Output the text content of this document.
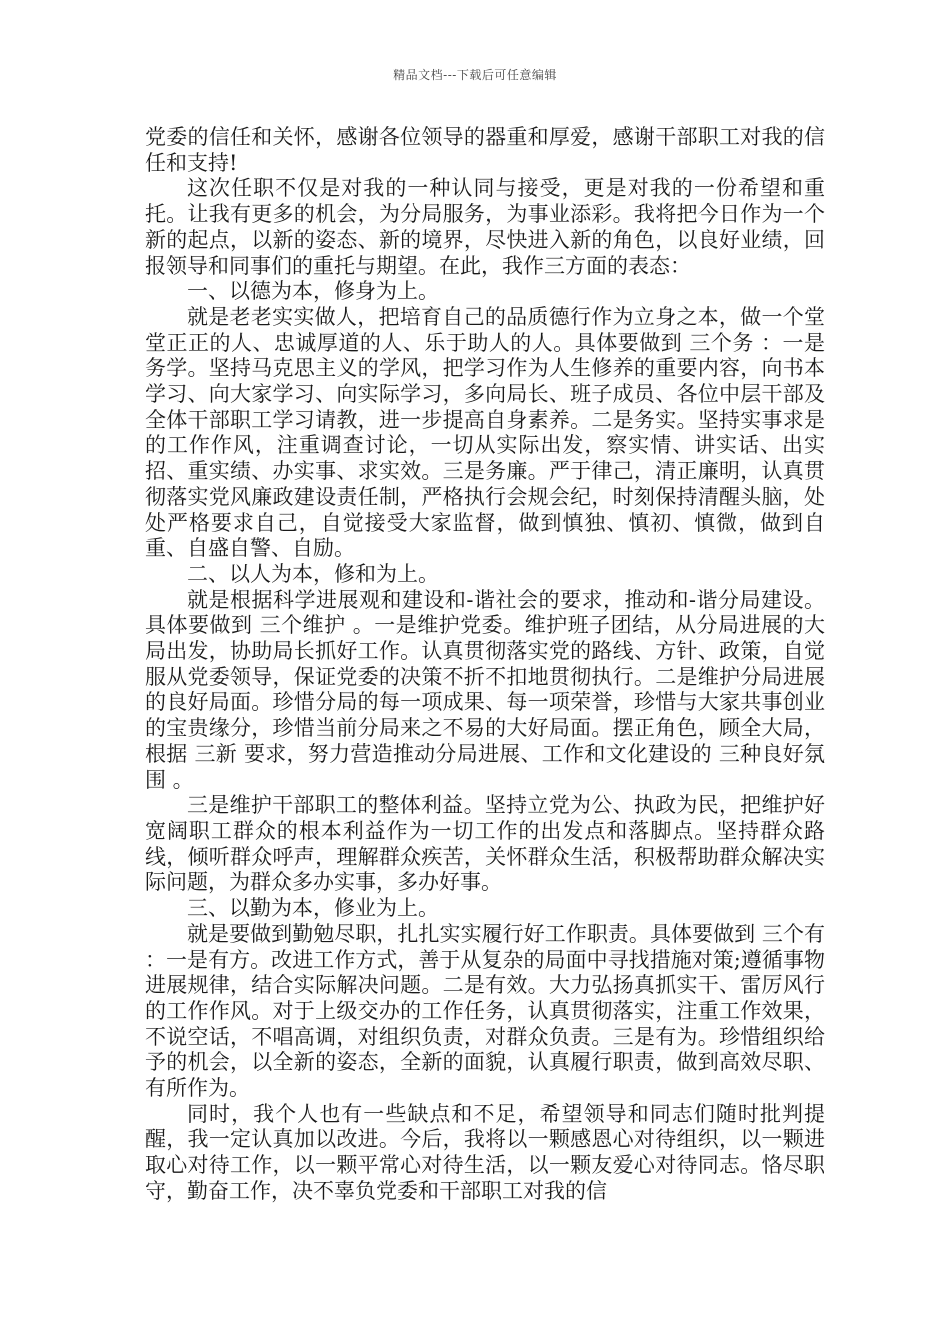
精品文档---下载后可任意编辑

党委的信任和关怀，感谢各位领导的器重和厚爱，感谢干部职工对我的信任和支持!

这次任职不仅是对我的一种认同与接受，更是对我的一份希望和重托。让我有更多的机会，为分局服务，为事业添彩。我将把今日作为一个新的起点，以新的姿态、新的境界，尽快进入新的角色，以良好业绩，回报领导和同事们的重托与期望。在此，我作三方面的表态：

一、以德为本，修身为上。

就是老老实实做人，把培育自己的品质德行作为立身之本，做一个堂堂正正的人、忠诚厚道的人、乐于助人的人。具体要做到 三个务 ：一是务学。坚持马克思主义的学风，把学习作为人生修养的重要内容，向书本学习、向大家学习、向实际学习，多向局长、班子成员、各位中层干部及全体干部职工学习请教，进一步提高自身素养。二是务实。坚持实事求是的工作作风，注重调查讨论，一切从实际出发，察实情、讲实话、出实招、重实绩、办实事、求实效。三是务廉。严于律己，清正廉明，认真贯彻落实党风廉政建设责任制，严格执行会规会纪，时刻保持清醒头脑，处处严格要求自己，自觉接受大家监督，做到慎独、慎初、慎微，做到自重、自盛自警、自励。

二、以人为本，修和为上。

就是根据科学进展观和建设和-谐社会的要求，推动和-谐分局建设。具体要做到 三个维护 。一是维护党委。维护班子团结，从分局进展的大局出发，协助局长抓好工作。认真贯彻落实党的路线、方针、政策，自觉服从党委领导，保证党委的决策不折不扣地贯彻执行。二是维护分局进展的良好局面。珍惜分局的每一项成果、每一项荣誉，珍惜与大家共事创业的宝贵缘分，珍惜当前分局来之不易的大好局面。摆正角色，顾全大局，根据 三新 要求，努力营造推动分局进展、工作和文化建设的 三种良好氛围 。

三是维护干部职工的整体利益。坚持立党为公、执政为民，把维护好宽阔职工群众的根本利益作为一切工作的出发点和落脚点。坚持群众路线，倾听群众呼声，理解群众疾苦，关怀群众生活，积极帮助群众解决实际问题，为群众多办实事，多办好事。

三、以勤为本，修业为上。

就是要做到勤勉尽职，扎扎实实履行好工作职责。具体要做到 三个有 ：一是有方。改进工作方式，善于从复杂的局面中寻找措施对策;遵循事物进展规律，结合实际解决问题。二是有效。大力弘扬真抓实干、雷厉风行的工作作风。对于上级交办的工作任务，认真贯彻落实，注重工作效果，不说空话，不唱高调，对组织负责，对群众负责。三是有为。珍惜组织给予的机会，以全新的姿态，全新的面貌，认真履行职责，做到高效尽职、有所作为。

同时，我个人也有一些缺点和不足，希望领导和同志们随时批判提醒，我一定认真加以改进。今后，我将以一颗感恩心对待组织，以一颗进取心对待工作，以一颗平常心对待生活，以一颗友爱心对待同志。恪尽职守，勤奋工作，决不辜负党委和干部职工对我的信
